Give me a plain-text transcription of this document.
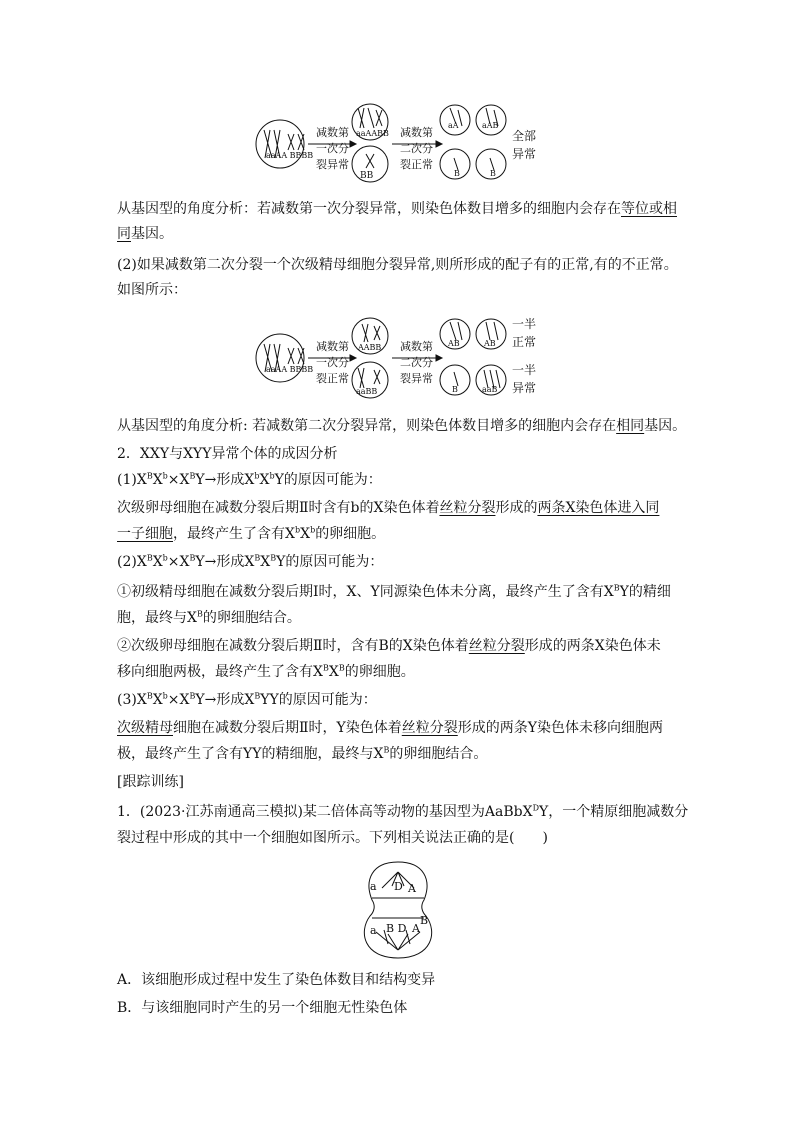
aaAA BBBB
aaAABB
BB
aA	aAB
B	B
减数第
一次分
裂异常
减数第
二次分
裂正常
全部
异常
从基因型的角度分析：若减数第一次分裂异常，则染色体数目增多的细胞内会存在等位或相
同基因。
(2)如果减数第二次分裂一个次级精母细胞分裂异常,则所形成的配子有的正常,有的不正常。
如图所示：
aaAA BBBB
AABB
aaBB
AB	AB
B	aaB
减数第
一次分
裂正常
减数第
二次分
裂异常
一半
正常
一半
异常
从基因型的角度分析: 若减数第二次分裂异常，则染色体数目增多的细胞内会存在相同基因。
2．XXY与XYY异常个体的成因分析
$(1)X^BX^b\times X^BY\to$形成$X^bX^bY$的原因可能为：
次级卵母细胞在减数分裂后期Ⅱ时含有b的X染色体着丝粒分裂形成的两条X染色体进入同
一子细胞，最终产生了含有$X^bX^b$的卵细胞。
$(2)X^BX^b\times X^BY\to$形成$X^BX^BY$的原因可能为：
①初级精母细胞在减数分裂后期Ⅰ时，X、Y同源染色体未分离，最终产生了含有$X^BY$的精细
胞，最终与$X^B$的卵细胞结合。
②次级卵母细胞在减数分裂后期Ⅱ时，含有B的X染色体着丝粒分裂形成的两条X染色体未
移向细胞两极，最终产生了含有$X^BX^B$的卵细胞。
$(3)X^BX^b\times X^BY\to$形成$X^BYY$的原因可能为：
次级精母细胞在减数分裂后期Ⅱ时，Y染色体着丝粒分裂形成的两条Y染色体未移向细胞两
极，最终产生了含有YY的精细胞，最终与$X^B$的卵细胞结合。
[跟踪训练]
1．(2023·江苏南通高三模拟)某二倍体高等动物的基因型为AaBbX$^D$Y，一个精原细胞减数分
裂过程中形成的其中一个细胞如图所示。下列相关说法正确的是(　　)
a D A
a B D A
B
A．该细胞形成过程中发生了染色体数目和结构变异
B．与该细胞同时产生的另一个细胞无性染色体
